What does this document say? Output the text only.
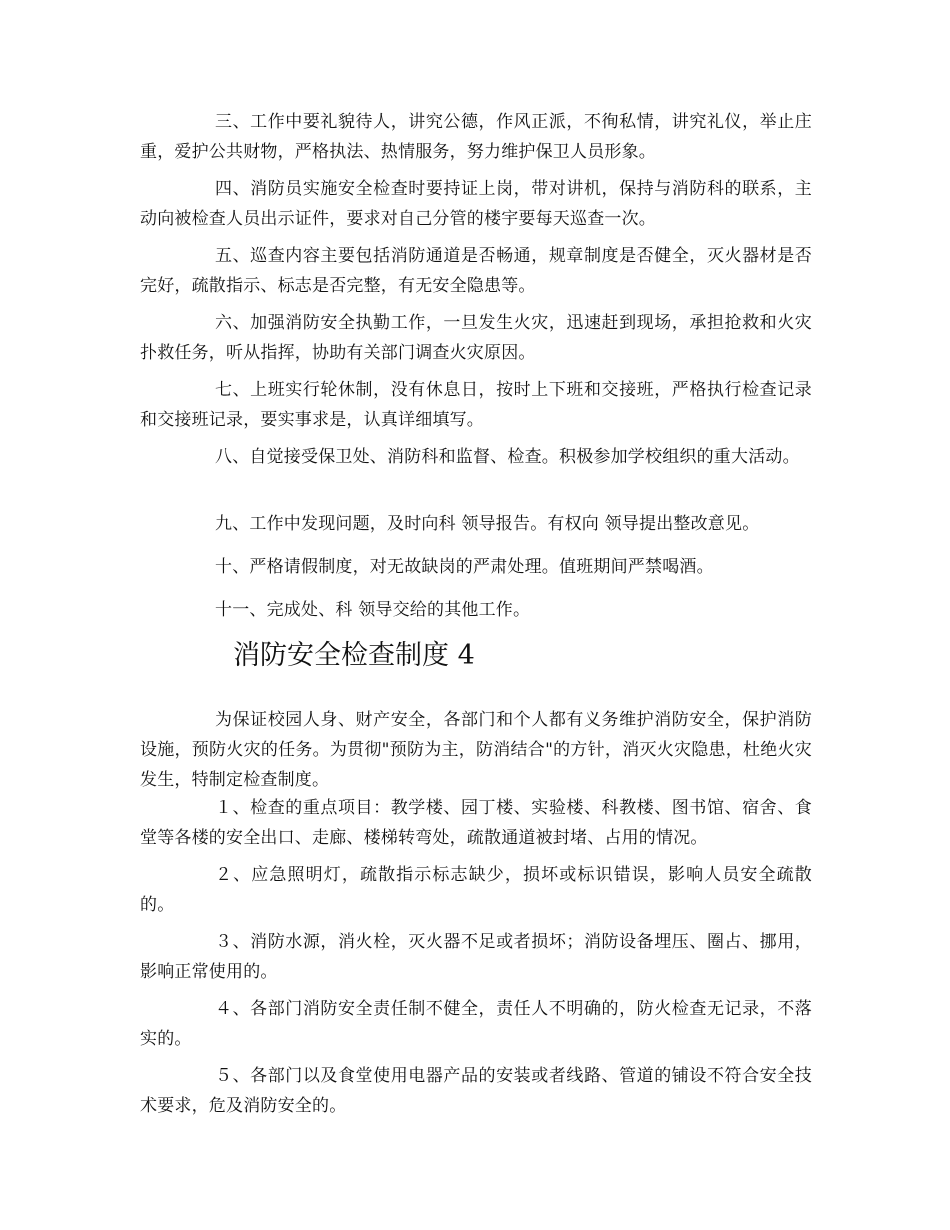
三、工作中要礼貌待人，讲究公德，作风正派，不徇私情，讲究礼仪，举止庄重，爱护公共财物，严格执法、热情服务，努力维护保卫人员形象。

四、消防员实施安全检查时要持证上岗，带对讲机，保持与消防科的联系，主动向被检查人员出示证件，要求对自己分管的楼宇要每天巡查一次。

五、巡查内容主要包括消防通道是否畅通，规章制度是否健全，灭火器材是否完好，疏散指示、标志是否完整，有无安全隐患等。

六、加强消防安全执勤工作，一旦发生火灾，迅速赶到现场，承担抢救和火灾扑救任务，听从指挥，协助有关部门调查火灾原因。

七、上班实行轮休制，没有休息日，按时上下班和交接班，严格执行检查记录和交接班记录，要实事求是，认真详细填写。

八、自觉接受保卫处、消防科和监督、检查。积极参加学校组织的重大活动。

九、工作中发现问题，及时向科 领导报告。有权向 领导提出整改意见。

十、严格请假制度，对无故缺岗的严肃处理。值班期间严禁喝酒。

十一、完成处、科 领导交给的其他工作。

消防安全检查制度 4

为保证校园人身、财产安全，各部门和个人都有义务维护消防安全，保护消防设施，预防火灾的任务。为贯彻"预防为主，防消结合"的方针，消灭火灾隐患，杜绝火灾发生，特制定检查制度。

１、检查的重点项目：教学楼、园丁楼、实验楼、科教楼、图书馆、宿舍、食堂等各楼的安全出口、走廊、楼梯转弯处，疏散通道被封堵、占用的情况。

２、应急照明灯，疏散指示标志缺少，损坏或标识错误，影响人员安全疏散的。

３、消防水源，消火栓，灭火器不足或者损坏；消防设备埋压、圈占、挪用，影响正常使用的。

４、各部门消防安全责任制不健全，责任人不明确的，防火检查无记录，不落实的。

５、各部门以及食堂使用电器产品的安装或者线路、管道的铺设不符合安全技术要求，危及消防安全的。
